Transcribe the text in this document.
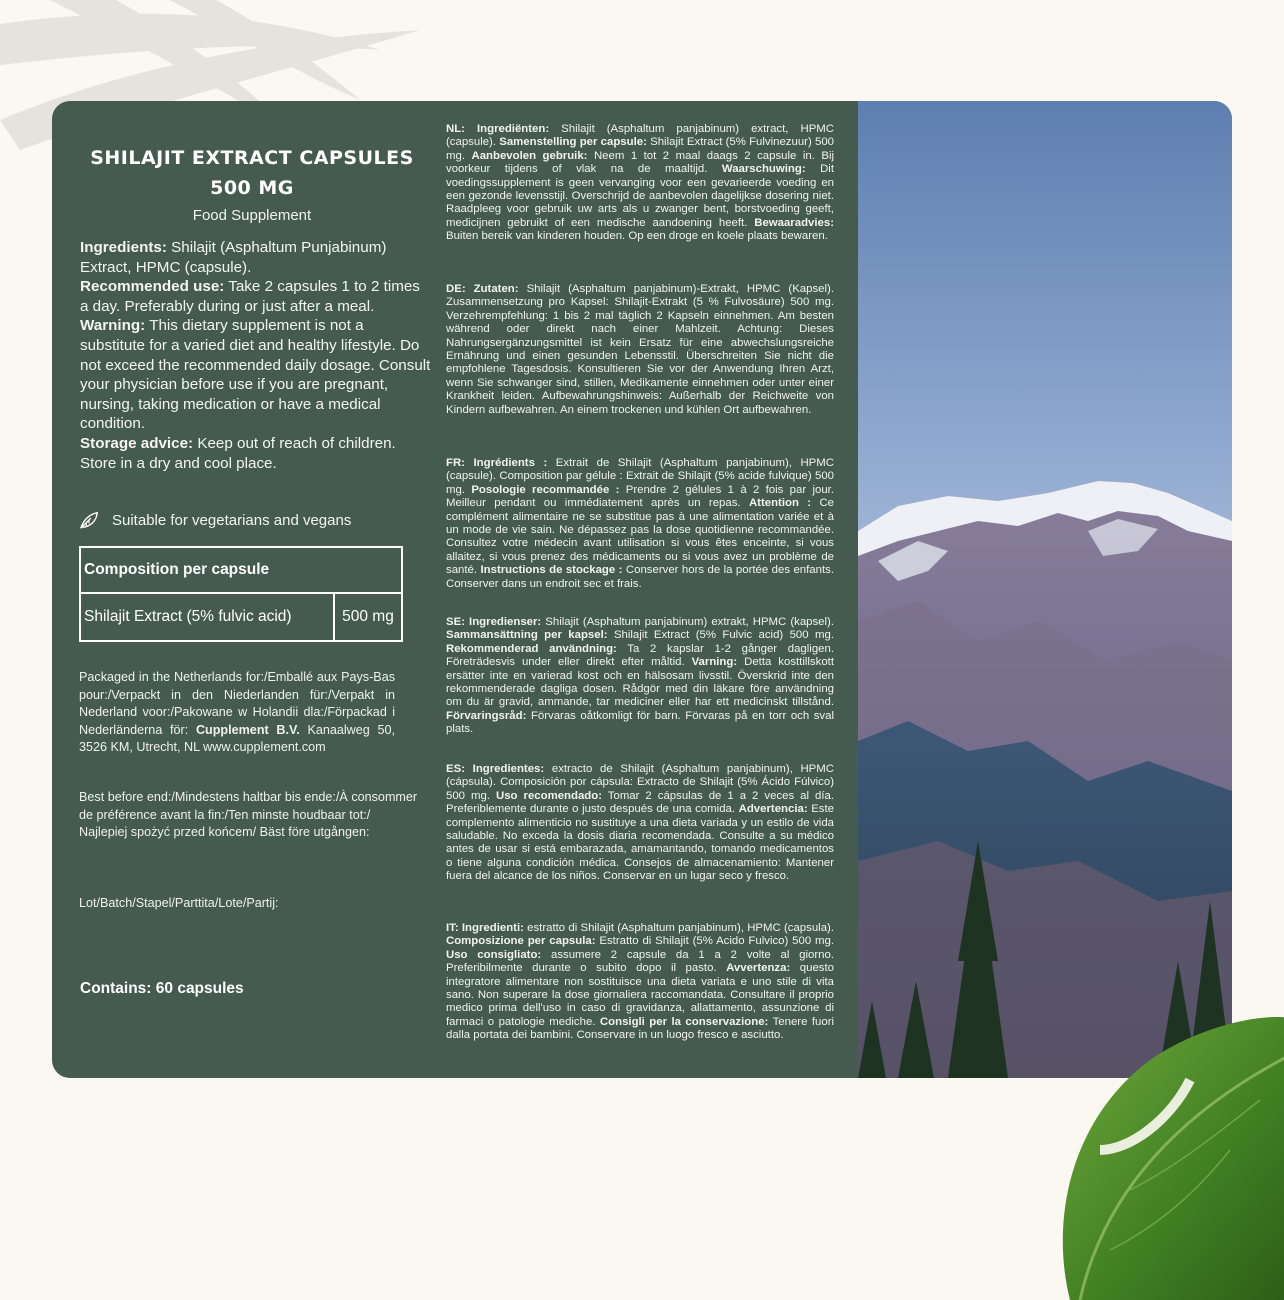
SHILAJIT EXTRACT CAPSULES
500 MG
Food Supplement

Ingredients: Shilajit (Asphaltum Punjabinum) Extract, HPMC (capsule).

Recommended use: Take 2 capsules 1 to 2 times a day. Preferably during or just after a meal.

Warning: This dietary supplement is not a substitute for a varied diet and healthy lifestyle. Do not exceed the recommended daily dosage. Consult your physician before use if you are pregnant, nursing, taking medication or have a medical condition.

Storage advice: Keep out of reach of children. Store in a dry and cool place.

Suitable for vegetarians and vegans
Composition per capsule
Shilajit Extract (5% fulvic acid)	500 mg
Packaged in the Netherlands for:/Emballé aux Pays-Bas pour:/Verpackt in den Niederlanden für:/Verpakt in Nederland voor:/Pakowane w Holandii dla:/Förpackad i Nederländerna för: Cupplement B.V. Kanaalweg 50, 3526 KM, Utrecht, NL www.cupplement.com
Best before end:/Mindestens haltbar bis ende:/À consommer de préférence avant la fin:/Ten minste houdbaar tot:/ Najlepiej spożyć przed końcem/ Bäst före utgången:
Lot/Batch/Stapel/Parttita/Lote/Partij:
Contains: 60 capsules
NL: Ingrediënten: Shilajit (Asphaltum panjabinum) extract, HPMC (capsule). Samenstelling per capsule: Shilajit Extract (5% Fulvinezuur) 500 mg. Aanbevolen gebruik: Neem 1 tot 2 maal daags 2 capsule in. Bij voorkeur tijdens of vlak na de maaltijd. Waarschuwing: Dit voedingssupplement is geen vervanging voor een gevarieerde voeding en een gezonde levensstijl. Overschrijd de aanbevolen dagelijkse dosering niet. Raadpleeg voor gebruik uw arts als u zwanger bent, borstvoeding geeft, medicijnen gebruikt of een medische aandoening heeft. Bewaaradvies: Buiten bereik van kinderen houden. Op een droge en koele plaats bewaren.
DE: Zutaten: Shilajit (Asphaltum panjabinum)-Extrakt, HPMC (Kapsel). Zusammensetzung pro Kapsel: Shilajit-Extrakt (5 % Fulvosäure) 500 mg. Verzehrempfehlung: 1 bis 2 mal täglich 2 Kapseln einnehmen. Am besten während oder direkt nach einer Mahlzeit. Achtung: Dieses Nahrungsergänzungsmittel ist kein Ersatz für eine abwechslungsreiche Ernährung und einen gesunden Lebensstil. Überschreiten Sie nicht die empfohlene Tagesdosis. Konsultieren Sie vor der Anwendung Ihren Arzt, wenn Sie schwanger sind, stillen, Medikamente einnehmen oder unter einer Krankheit leiden. Aufbewahrungshinweis: Außerhalb der Reichweite von Kindern aufbewahren. An einem trockenen und kühlen Ort aufbewahren.
FR: Ingrédients : Extrait de Shilajit (Asphaltum panjabinum), HPMC (capsule). Composition par gélule : Extrait de Shilajit (5% acide fulvique) 500 mg. Posologie recommandée : Prendre 2 gélules 1 à 2 fois par jour. Meilleur pendant ou immédiatement après un repas. Attention : Ce complément alimentaire ne se substitue pas à une alimentation variée et à un mode de vie sain. Ne dépassez pas la dose quotidienne recommandée. Consultez votre médecin avant utilisation si vous êtes enceinte, si vous allaitez, si vous prenez des médicaments ou si vous avez un problème de santé. Instructions de stockage : Conserver hors de la portée des enfants. Conserver dans un endroit sec et frais.
SE: Ingredienser: Shilajit (Asphaltum panjabinum) extrakt, HPMC (kapsel). Sammansättning per kapsel: Shilajit Extract (5% Fulvic acid) 500 mg. Rekommenderad användning: Ta 2 kapslar 1-2 gånger dagligen. Företrädesvis under eller direkt efter måltid. Varning: Detta kosttillskott ersätter inte en varierad kost och en hälsosam livsstil. Överskrid inte den rekommenderade dagliga dosen. Rådgör med din läkare före användning om du är gravid, ammande, tar mediciner eller har ett medicinskt tillstånd. Förvaringsråd: Förvaras oåtkomligt för barn. Förvaras på en torr och sval plats.
ES: Ingredientes: extracto de Shilajit (Asphaltum panjabinum), HPMC (cápsula). Composición por cápsula: Extracto de Shilajit (5% Ácido Fúlvico) 500 mg. Uso recomendado: Tomar 2 cápsulas de 1 a 2 veces al día. Preferiblemente durante o justo después de una comida. Advertencia: Este complemento alimenticio no sustituye a una dieta variada y un estilo de vida saludable. No exceda la dosis diaria recomendada. Consulte a su médico antes de usar si está embarazada, amamantando, tomando medicamentos o tiene alguna condición médica. Consejos de almacenamiento: Mantener fuera del alcance de los niños. Conservar en un lugar seco y fresco.
IT: Ingredienti: estratto di Shilajit (Asphaltum panjabinum), HPMC (capsula). Composizione per capsula: Estratto di Shilajit (5% Acido Fulvico) 500 mg. Uso consigliato: assumere 2 capsule da 1 a 2 volte al giorno. Preferibilmente durante o subito dopo il pasto. Avvertenza: questo integratore alimentare non sostituisce una dieta variata e uno stile di vita sano. Non superare la dose giornaliera raccomandata. Consultare il proprio medico prima dell'uso in caso di gravidanza, allattamento, assunzione di farmaci o patologie mediche. Consigli per la conservazione: Tenere fuori dalla portata dei bambini. Conservare in un luogo fresco e asciutto.
